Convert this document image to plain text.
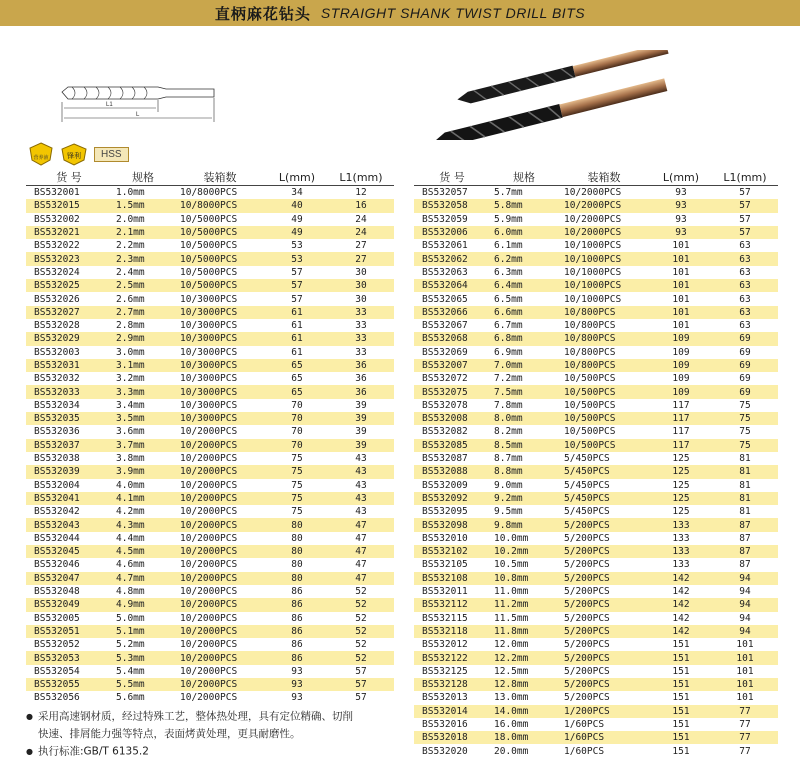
直柄麻花钻头 STRAIGHT SHANK TWIST DRILL BITS
L1
L
营养液	锋利	HSS
货 号	规格	装箱数	L(mm)	L1(mm)
BS532001	1.0mm	10/8000PCS	34	12
BS532015	1.5mm	10/8000PCS	40	16
BS532002	2.0mm	10/5000PCS	49	24
BS532021	2.1mm	10/5000PCS	49	24
BS532022	2.2mm	10/5000PCS	53	27
BS532023	2.3mm	10/5000PCS	53	27
BS532024	2.4mm	10/5000PCS	57	30
BS532025	2.5mm	10/5000PCS	57	30
BS532026	2.6mm	10/3000PCS	57	30
BS532027	2.7mm	10/3000PCS	61	33
BS532028	2.8mm	10/3000PCS	61	33
BS532029	2.9mm	10/3000PCS	61	33
BS532003	3.0mm	10/3000PCS	61	33
BS532031	3.1mm	10/3000PCS	65	36
BS532032	3.2mm	10/3000PCS	65	36
BS532033	3.3mm	10/3000PCS	65	36
BS532034	3.4mm	10/3000PCS	70	39
BS532035	3.5mm	10/3000PCS	70	39
BS532036	3.6mm	10/2000PCS	70	39
BS532037	3.7mm	10/2000PCS	70	39
BS532038	3.8mm	10/2000PCS	75	43
BS532039	3.9mm	10/2000PCS	75	43
BS532004	4.0mm	10/2000PCS	75	43
BS532041	4.1mm	10/2000PCS	75	43
BS532042	4.2mm	10/2000PCS	75	43
BS532043	4.3mm	10/2000PCS	80	47
BS532044	4.4mm	10/2000PCS	80	47
BS532045	4.5mm	10/2000PCS	80	47
BS532046	4.6mm	10/2000PCS	80	47
BS532047	4.7mm	10/2000PCS	80	47
BS532048	4.8mm	10/2000PCS	86	52
BS532049	4.9mm	10/2000PCS	86	52
BS532005	5.0mm	10/2000PCS	86	52
BS532051	5.1mm	10/2000PCS	86	52
BS532052	5.2mm	10/2000PCS	86	52
BS532053	5.3mm	10/2000PCS	86	52
BS532054	5.4mm	10/2000PCS	93	57
BS532055	5.5mm	10/2000PCS	93	57
BS532056	5.6mm	10/2000PCS	93	57
货 号	规格	装箱数	L(mm)	L1(mm)
BS532057	5.7mm	10/2000PCS	93	57
BS532058	5.8mm	10/2000PCS	93	57
BS532059	5.9mm	10/2000PCS	93	57
BS532006	6.0mm	10/2000PCS	93	57
BS532061	6.1mm	10/1000PCS	101	63
BS532062	6.2mm	10/1000PCS	101	63
BS532063	6.3mm	10/1000PCS	101	63
BS532064	6.4mm	10/1000PCS	101	63
BS532065	6.5mm	10/1000PCS	101	63
BS532066	6.6mm	10/800PCS	101	63
BS532067	6.7mm	10/800PCS	101	63
BS532068	6.8mm	10/800PCS	109	69
BS532069	6.9mm	10/800PCS	109	69
BS532007	7.0mm	10/800PCS	109	69
BS532072	7.2mm	10/500PCS	109	69
BS532075	7.5mm	10/500PCS	109	69
BS532078	7.8mm	10/500PCS	117	75
BS532008	8.0mm	10/500PCS	117	75
BS532082	8.2mm	10/500PCS	117	75
BS532085	8.5mm	10/500PCS	117	75
BS532087	8.7mm	5/450PCS	125	81
BS532088	8.8mm	5/450PCS	125	81
BS532009	9.0mm	5/450PCS	125	81
BS532092	9.2mm	5/450PCS	125	81
BS532095	9.5mm	5/450PCS	125	81
BS532098	9.8mm	5/200PCS	133	87
BS532010	10.0mm	5/200PCS	133	87
BS532102	10.2mm	5/200PCS	133	87
BS532105	10.5mm	5/200PCS	133	87
BS532108	10.8mm	5/200PCS	142	94
BS532011	11.0mm	5/200PCS	142	94
BS532112	11.2mm	5/200PCS	142	94
BS532115	11.5mm	5/200PCS	142	94
BS532118	11.8mm	5/200PCS	142	94
BS532012	12.0mm	5/200PCS	151	101
BS532122	12.2mm	5/200PCS	151	101
BS532125	12.5mm	5/200PCS	151	101
BS532128	12.8mm	5/200PCS	151	101
BS532013	13.0mm	5/200PCS	151	101
BS532014	14.0mm	1/200PCS	151	77
BS532016	16.0mm	1/60PCS	151	77
BS532018	18.0mm	1/60PCS	151	77
BS532020	20.0mm	1/60PCS	151	77

● 采用高速钢材质，经过特殊工艺，整体热处理，具有定位精确、切削

快速、排屑能力强等特点，表面烤黄处理，更具耐磨性。

● 执行标准:GB/T 6135.2
